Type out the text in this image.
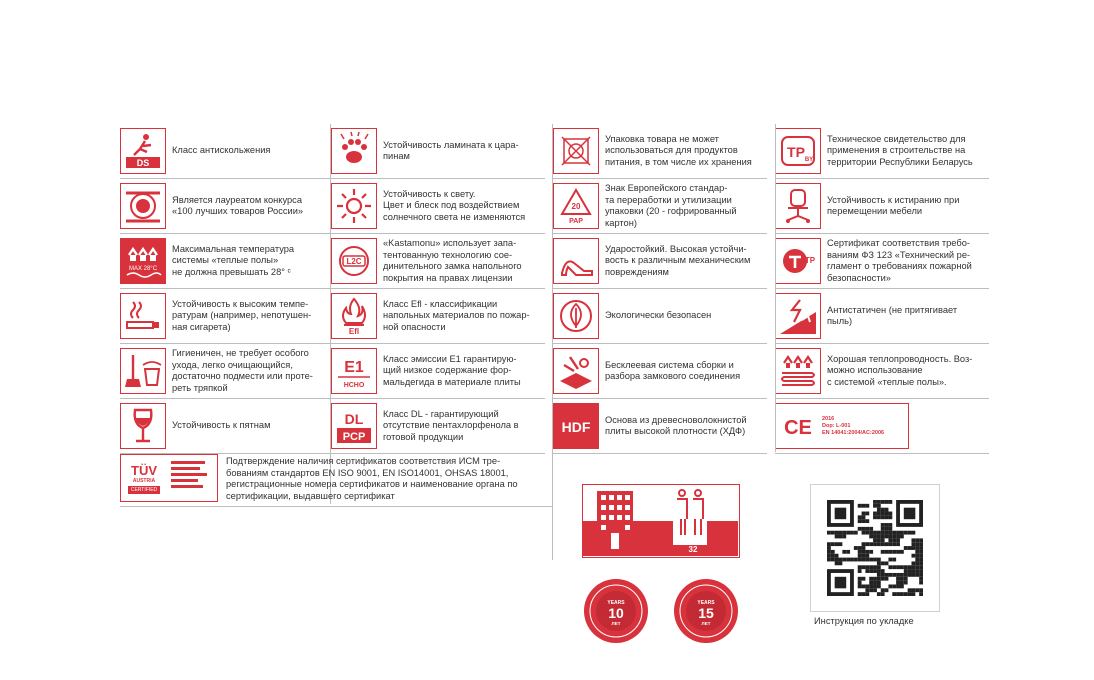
DS
Класс антискольжения
Является лауреатом конкурса
«100 лучших товаров России»
MAX 28°C
Максимальная температура
системы «теплые полы»
не должна превышать 28° ᶜ
Устойчивость к высоким темпе-
ратурам (например, непотушен-
ная сигарета)
Гигиеничен, не требует особого
ухода, легко очищающийся,
достаточно подмести или проте-
реть тряпкой
Устойчивость к пятнам
Устойчивость ламината к цара-
пинам
Устойчивость к свету.
Цвет и блеск под воздействием
солнечного света не изменяются
L2C
«Kastamonu» использует запа-
тентованную технологию сое-
динительного замка напольного
покрытия на правах лицензии
Efl
Класс Efl - классификации
напольных материалов по пожар-
ной опасности
E1
НСНО
Класс эмиссии E1 гарантирую-
щий низкое содержание фор-
мальдегида в материале плиты
DL
PCP
Класс DL - гарантирующий
отсутствие пентахлорфенола в
готовой продукции
Упаковка товара не может
использоваться для продуктов
питания, в том числе их хранения
20
PAP
Знак Европейского стандар-
та переработки и утилизации
упаковки (20 - гофрированный
картон)
Ударостойкий. Высокая устойчи-
вость к различным механическим
повреждениям
Экологически безопасен
Бесклеевая система сборки и
разбора замкового соединения
HDF Основа из древесноволокнистой
плиты высокой плотности (ХДФ)
TP BY
Техническое свидетельство для
применения в строительстве на
территории Республики Беларусь
Устойчивость к истиранию при
перемещении мебели
ТР
Сертификат соответствия требо-
ваниям ФЗ 123 «Технический ре-
гламент о требованиях пожарной
безопасности»
Антистатичен (не притягивает
пыль)
Хорошая теплопроводность. Воз-
можно использование
с системой «теплые полы».
CE 2016
Dop: L-001
EN 14041:2004/AC:2006
TÜV
AUSTRIA
CERTIFIED
Подтверждение наличия сертификатов соответствия ИСМ тре-
бованиям стандартов EN ISO 9001, EN ISO14001, OHSAS 18001,
регистрационные номера сертификатов и наименование органа по
сертификации, выдавшего сертификат
32
YEARS
10
ЛЕТ
YEARS
15
ЛЕТ	Инструкция по укладке
